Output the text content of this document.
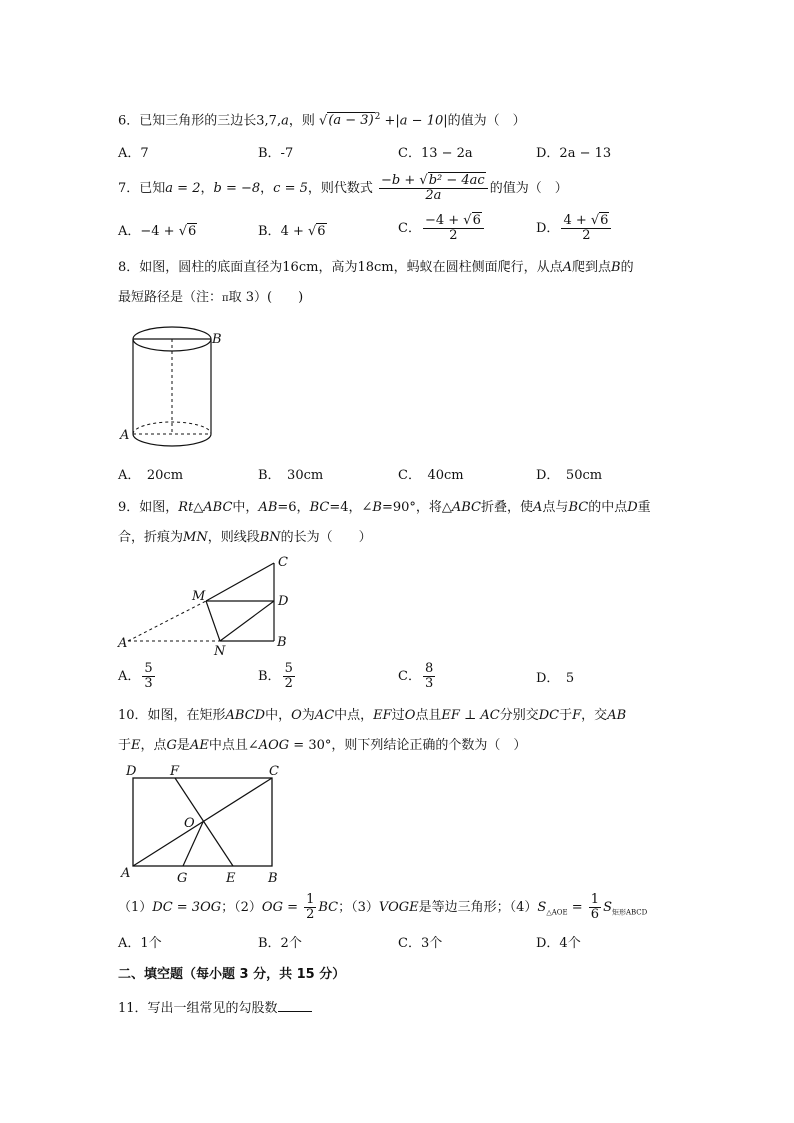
6．已知三角形的三边长3,7,a，则 $√(a - 3)^2 +|a - 10|$的值为（　）
A．7	B．-7	C．13 − 2a	D．2a − 13
7．已知a = 2，b = −8，c = 5，则代数式 $\frac{\text{−b + √b² − 4ac}}{2a}$ 的值为（　）
A．−4 + √6	B．4 + √6	C． $\frac{-4 + √6}{2}$	D． $\frac{4 + √6}{2}$
8．如图，圆柱的底面直径为16cm，高为18cm，蚂蚁在圆柱侧面爬行，从点A爬到点B的
最短路径是（注：π取 3）(　　)
B
A
A．　20cm	B．　30cm	C．　40cm	D．　50cm
9．如图，Rt△ABC中，AB=6，BC=4，∠B=90°，将△ABC折叠，使A点与BC的中点D重
合，折痕为MN，则线段BN的长为（　　）
C
M	D
A
N
B
A． $\frac{5}{3}$	B． $\frac{5}{2}$	C． $\frac{8}{3}$	D．　5
10．如图，在矩形ABCD中，O为AC中点，EF过O点且EF ⊥ AC分别交DC于F，交AB
于E，点G是AE中点且∠AOG = 30°，则下列结论正确的个数为（　）
D	F	C
O
A	G	E	B
（1）DC = 3OG；$(2)OG = \frac{1}{2}$ BC；（3）VOGE是等边三角形；$(4)S_{\triangle AOE} = \frac{1}{6} S_{矩形ABCD}$
A．1个	B．2个	C．3个	D．4个
二、填空题（每小题 3 分，共 15 分）
11．写出一组常见的勾股数
